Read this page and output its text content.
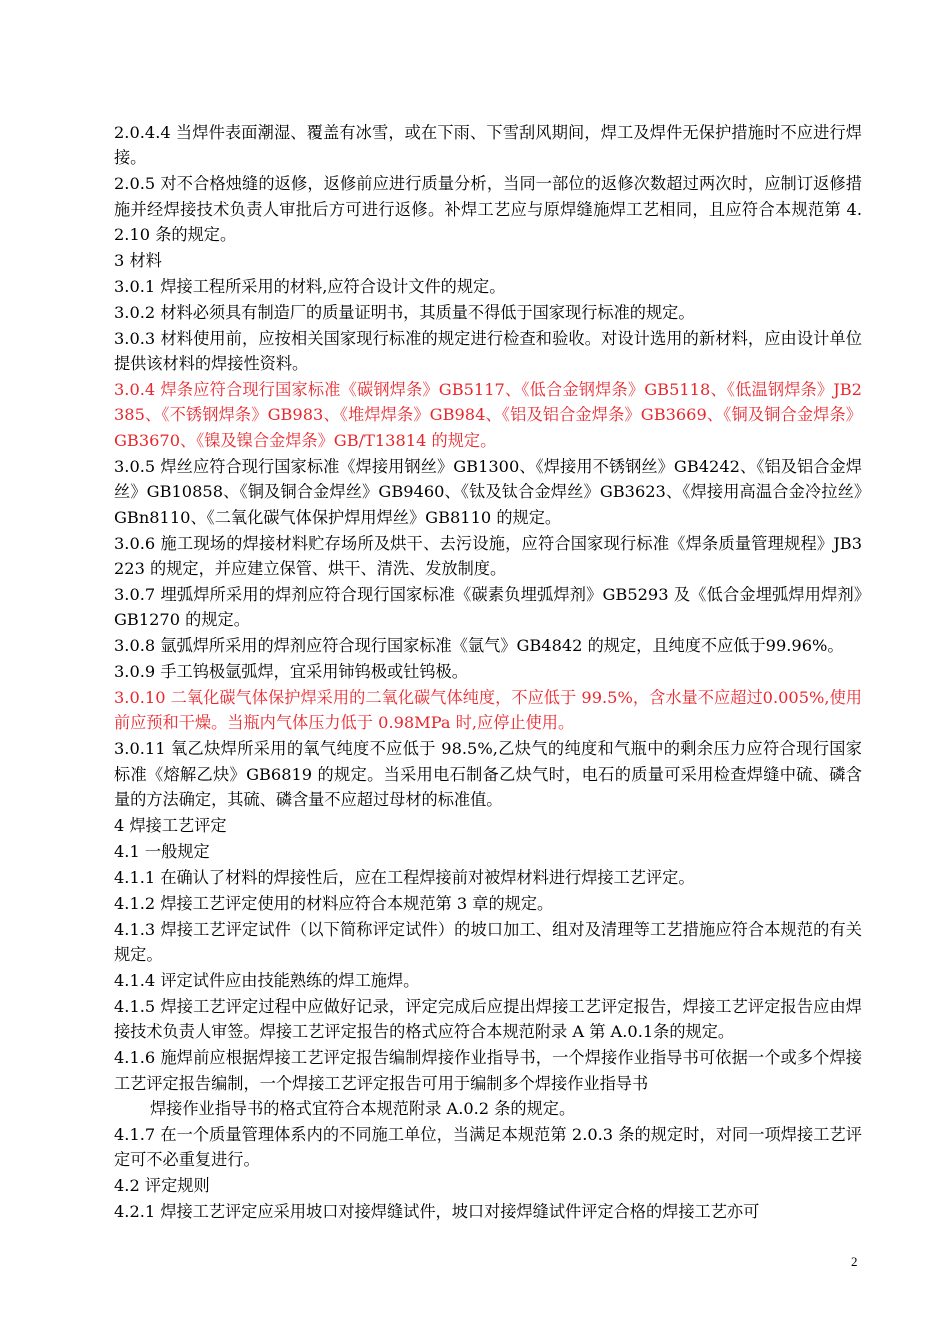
2.0.4.4 当焊件表面潮湿、覆盖有冰雪，或在下雨、下雪刮风期间，焊工及焊件无保护措施时不应进行焊接。

2.0.5 对不合格烛缝的返修，返修前应进行质量分析，当同一部位的返修次数超过两次时，应制订返修措施并经焊接技术负责人审批后方可进行返修。补焊工艺应与原焊缝施焊工艺相同，且应符合本规范第 4.2.10 条的规定。

3 材料

3.0.1 焊接工程所采用的材料,应符合设计文件的规定。

3.0.2 材料必须具有制造厂的质量证明书，其质量不得低于国家现行标准的规定。

3.0.3 材料使用前，应按相关国家现行标准的规定进行检查和验收。对设计选用的新材料，应由设计单位提供该材料的焊接性资料。

3.0.4 焊条应符合现行国家标准《碳钢焊条》GB5117、《低合金钢焊条》GB5118、《低温钢焊条》JB2385、《不锈钢焊条》GB983、《堆焊焊条》GB984、《铝及铝合金焊条》GB3669、《铜及铜合金焊条》GB3670、《镍及镍合金焊条》GB/T13814 的规定。

3.0.5 焊丝应符合现行国家标准《焊接用钢丝》GB1300、《焊接用不锈钢丝》GB4242、《铝及铝合金焊丝》GB10858、《铜及铜合金焊丝》GB9460、《钛及钛合金焊丝》GB3623、《焊接用高温合金冷拉丝》GBn8110、《二氧化碳气体保护焊用焊丝》GB8110 的规定。

3.0.6 施工现场的焊接材料贮存场所及烘干、去污设施，应符合国家现行标准《焊条质量管理规程》JB3223 的规定，并应建立保管、烘干、清洗、发放制度。

3.0.7 埋弧焊所采用的焊剂应符合现行国家标准《碳素负埋弧焊剂》GB5293 及《低合金埋弧焊用焊剂》GB1270 的规定。

3.0.8 氩弧焊所采用的焊剂应符合现行国家标准《氩气》GB4842 的规定，且纯度不应低于99.96%。

3.0.9 手工钨极氩弧焊，宜采用铈钨极或钍钨极。

3.0.10 二氧化碳气体保护焊采用的二氧化碳气体纯度，不应低于 99.5%，含水量不应超过0.005%,使用前应预和干燥。当瓶内气体压力低于 0.98MPa 时,应停止使用。

3.0.11 氧乙炔焊所采用的氧气纯度不应低于 98.5%,乙炔气的纯度和气瓶中的剩余压力应符合现行国家标准《熔解乙炔》GB6819 的规定。当采用电石制备乙炔气时，电石的质量可采用检查焊缝中硫、磷含量的方法确定，其硫、磷含量不应超过母材的标准值。

4 焊接工艺评定

4.1 一般规定

4.1.1 在确认了材料的焊接性后，应在工程焊接前对被焊材料进行焊接工艺评定。

4.1.2 焊接工艺评定使用的材料应符合本规范第 3 章的规定。

4.1.3 焊接工艺评定试件（以下简称评定试件）的坡口加工、组对及清理等工艺措施应符合本规范的有关规定。

4.1.4 评定试件应由技能熟练的焊工施焊。

4.1.5 焊接工艺评定过程中应做好记录，评定完成后应提出焊接工艺评定报告，焊接工艺评定报告应由焊接技术负责人审签。焊接工艺评定报告的格式应符合本规范附录 A 第 A.0.1条的规定。

4.1.6 施焊前应根据焊接工艺评定报告编制焊接作业指导书，一个焊接作业指导书可依据一个或多个焊接工艺评定报告编制，一个焊接工艺评定报告可用于编制多个焊接作业指导书
焊接作业指导书的格式宜符合本规范附录 A.0.2 条的规定。

4.1.7 在一个质量管理体系内的不同施工单位，当满足本规范第 2.0.3 条的规定时，对同一项焊接工艺评定可不必重复进行。

4.2 评定规则

4.2.1 焊接工艺评定应采用坡口对接焊缝试件，坡口对接焊缝试件评定合格的焊接工艺亦可

2
